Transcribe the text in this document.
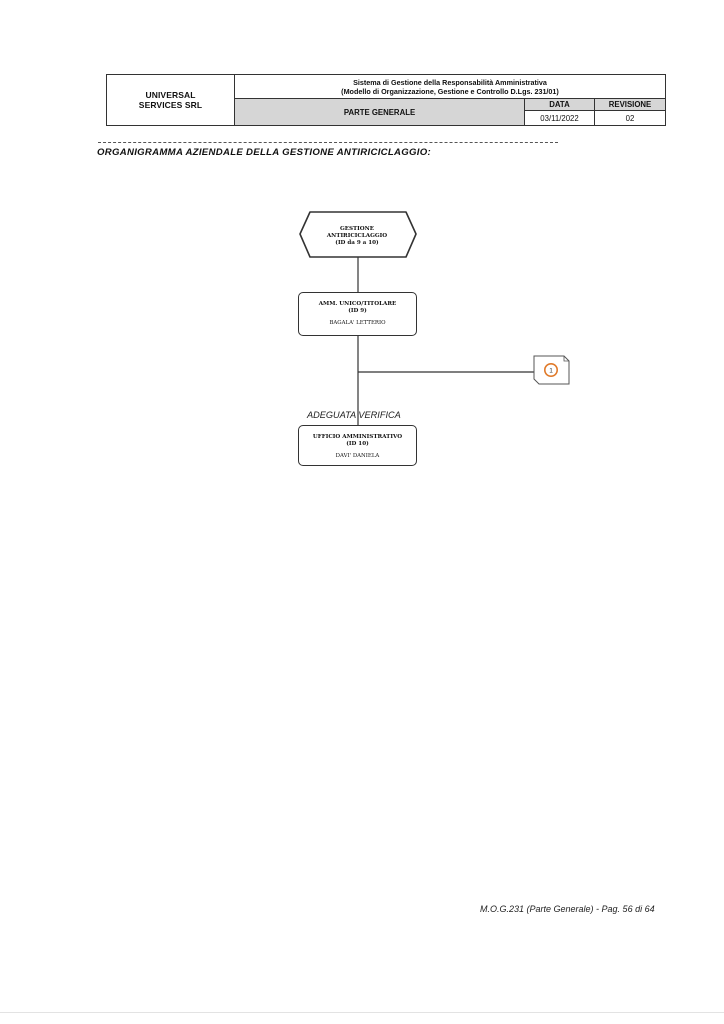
UNIVERSAL
SERVICES SRL
Sistema di Gestione della Responsabilità Amministrativa
(Modello di Organizzazione, Gestione e Controllo D.Lgs. 231/01)
PARTE GENERALE
DATA	REVISIONE
03/11/2022	02
ORGANIGRAMMA AZIENDALE DELLA GESTIONE ANTIRICICLAGGIO:
1
GESTIONE
ANTIRICICLAGGIO
(ID da 9 a 10)
AMM. UNICO/TITOLARE
(ID 9)
BAGALA' LETTERIO
ADEGUATA VERIFICA
UFFICIO AMMINISTRATIVO
(ID 10)
DAVI' DANIELA
M.O.G.231 (Parte Generale) - Pag. 56 di 64
